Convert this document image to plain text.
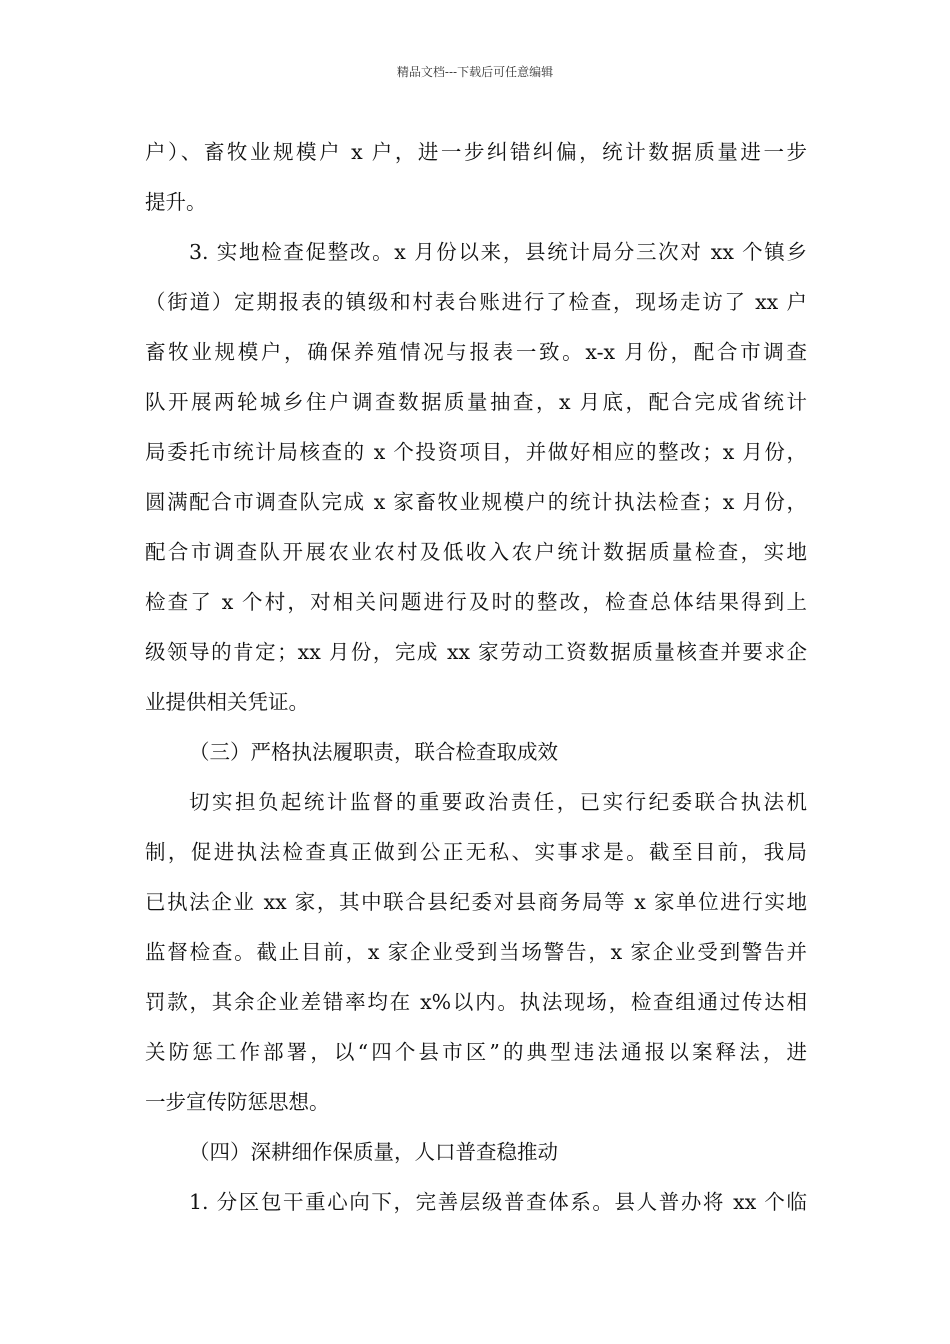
精品文档---下载后可任意编辑
户）、畜牧业规模户 x 户，进一步纠错纠偏，统计数据质量进一步
提升。
3. 实地检查促整改。x 月份以来，县统计局分三次对 xx 个镇乡
（街道）定期报表的镇级和村表台账进行了检查，现场走访了 xx 户
畜牧业规模户，确保养殖情况与报表一致。x-x 月份，配合市调查
队开展两轮城乡住户调查数据质量抽查，x 月底，配合完成省统计
局委托市统计局核查的 x 个投资项目，并做好相应的整改；x 月份，
圆满配合市调查队完成 x 家畜牧业规模户的统计执法检查；x 月份，
配合市调查队开展农业农村及低收入农户统计数据质量检查，实地
检查了 x 个村，对相关问题进行及时的整改，检查总体结果得到上
级领导的肯定；xx 月份，完成 xx 家劳动工资数据质量核查并要求企
业提供相关凭证。
（三）严格执法履职责，联合检查取成效
切实担负起统计监督的重要政治责任，已实行纪委联合执法机
制，促进执法检查真正做到公正无私、实事求是。截至目前，我局
已执法企业 xx 家，其中联合县纪委对县商务局等 x 家单位进行实地
监督检查。截止目前，x 家企业受到当场警告，x 家企业受到警告并
罚款，其余企业差错率均在 x%以内。执法现场，检查组通过传达相
关防惩工作部署，以“四个县市区”的典型违法通报以案释法，进
一步宣传防惩思想。
（四）深耕细作保质量，人口普查稳推动
1. 分区包干重心向下，完善层级普查体系。县人普办将 xx 个临
